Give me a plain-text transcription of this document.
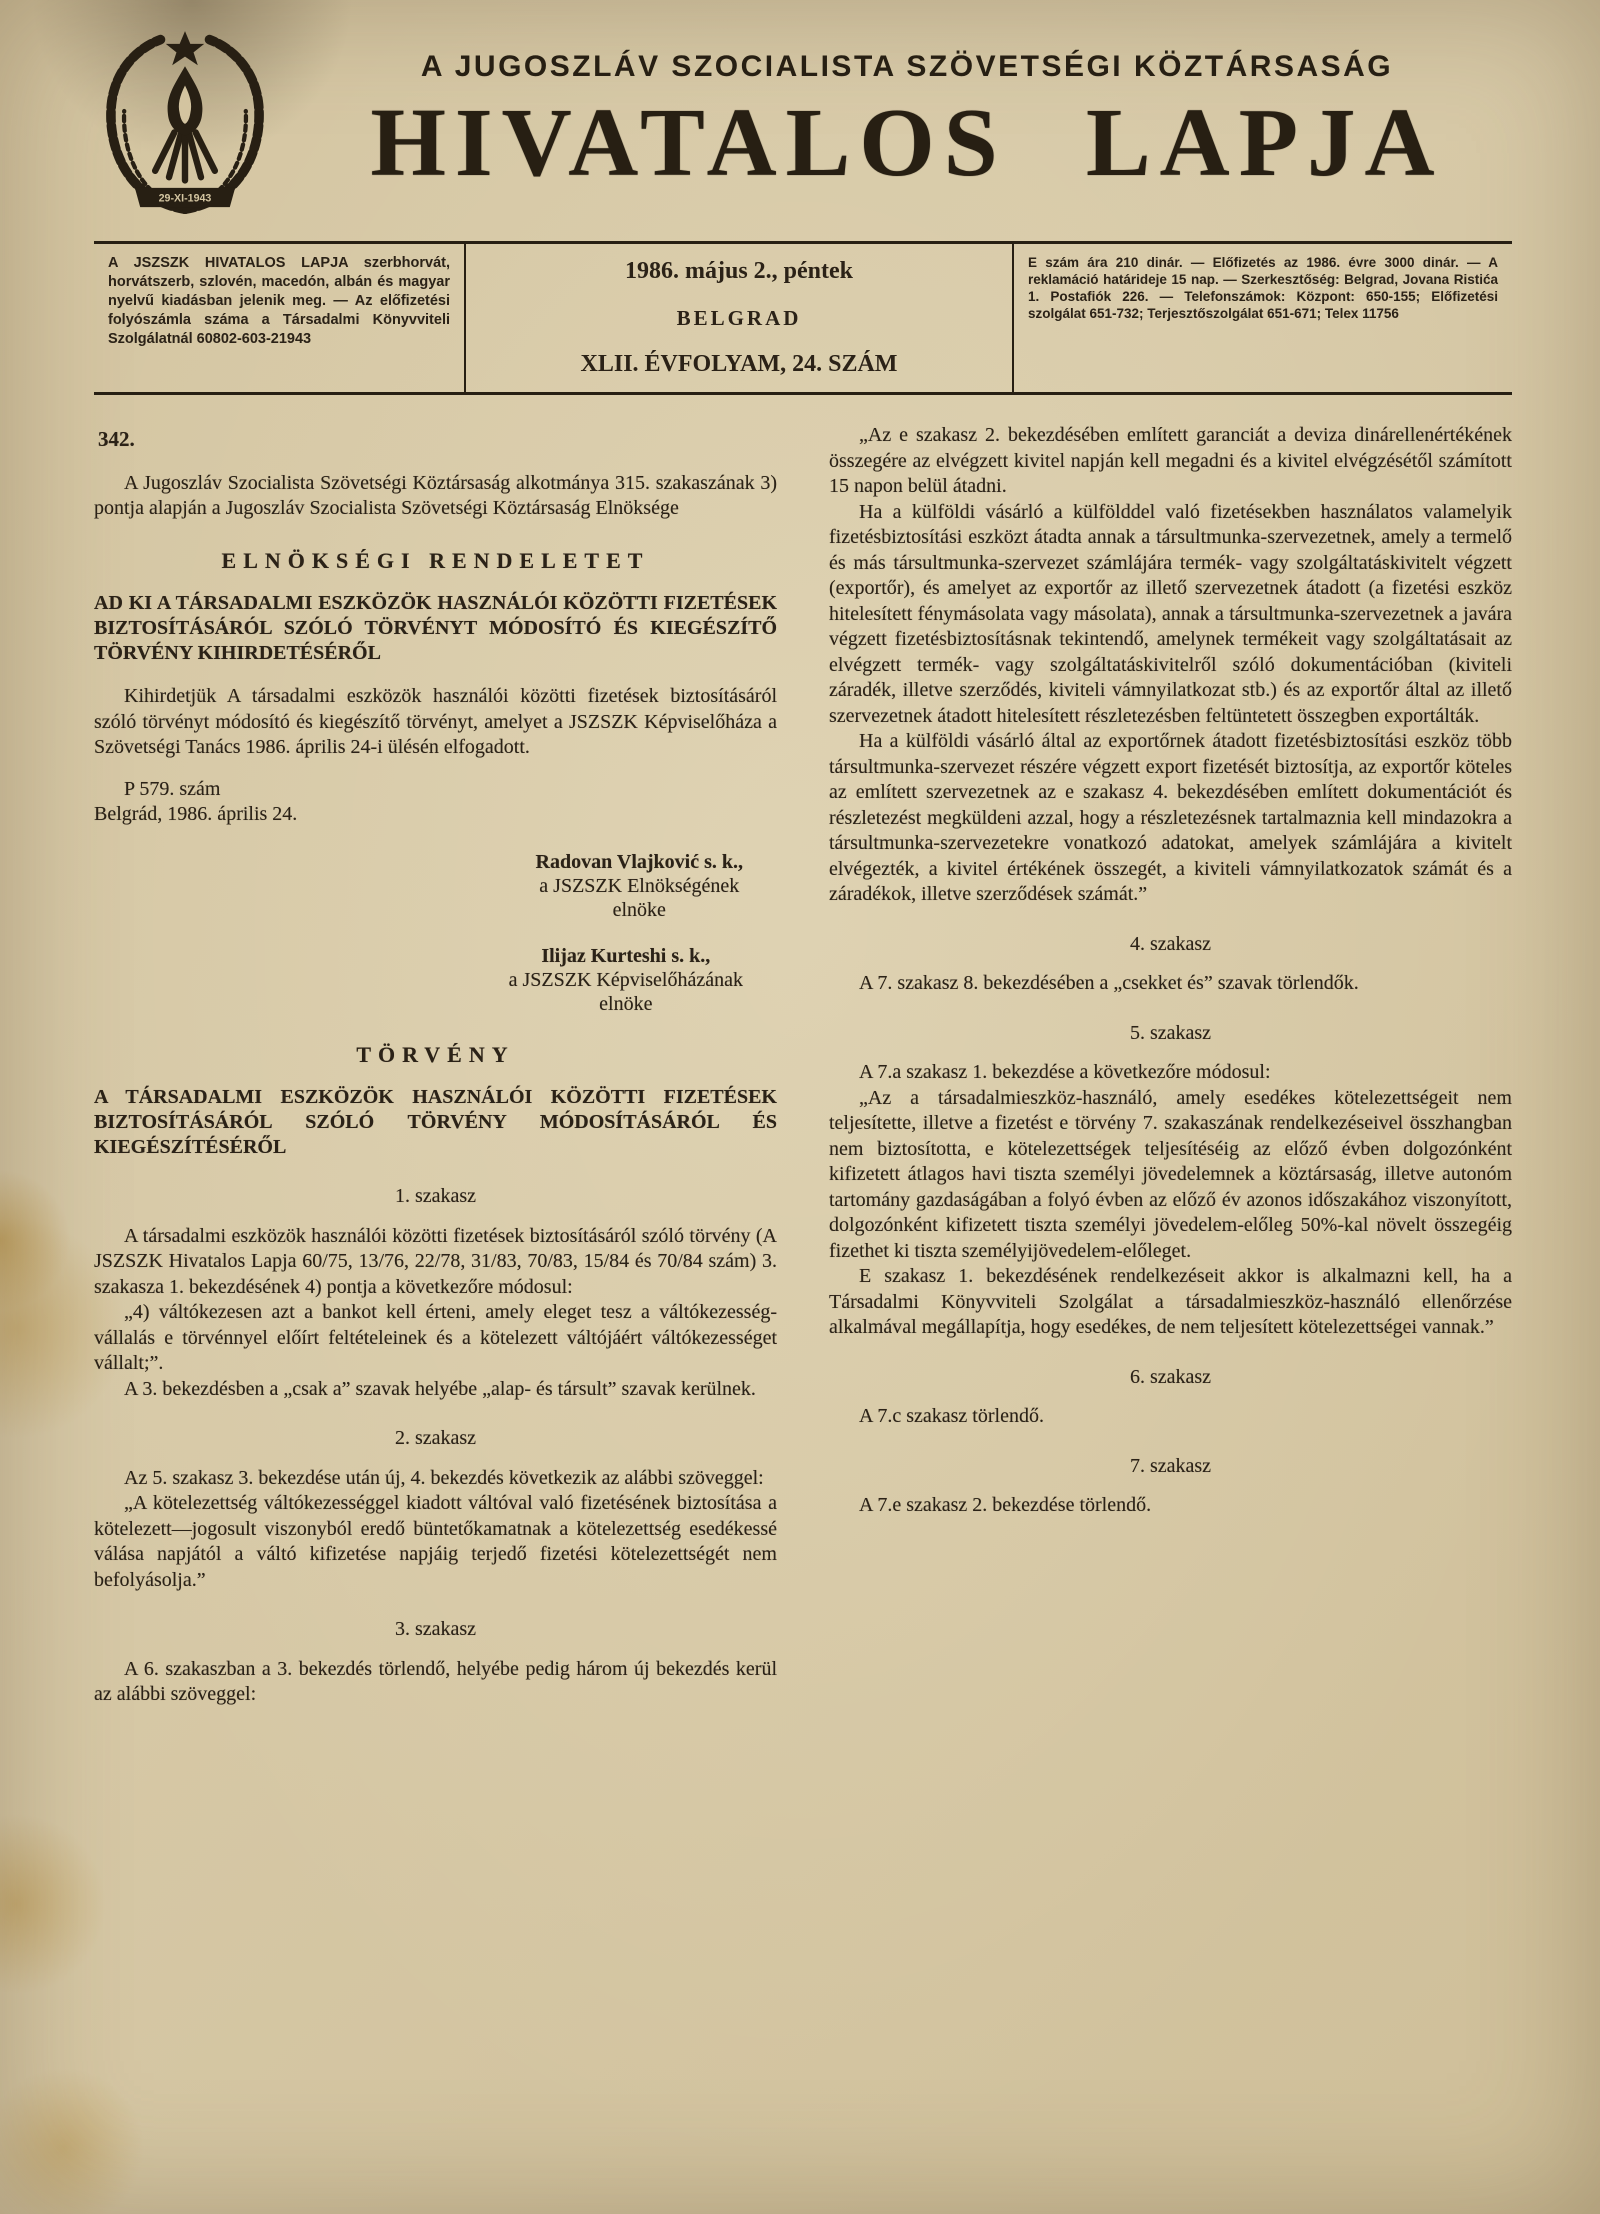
29-XI-1943
A JUGOSZLÁV SZOCIALISTA SZÖVETSÉGI KÖZTÁRSASÁG
HIVATALOS LAPJA
A JSZSZK HIVATALOS LAPJA szerbhorvát, horvátszerb, szlovén, macedón, albán és magyar nyelvű kiadásban jelenik meg. — Az előfizetési folyószámla száma a Társadalmi Könyvviteli Szolgálatnál 60802-603-21943
1986. május 2., péntek
BELGRAD
XLII. ÉVFOLYAM, 24. SZÁM
E szám ára 210 dinár. — Előfizetés az 1986. évre 3000 dinár. — A reklamáció határideje 15 nap. — Szerkesztőség: Belgrad, Jovana Ristića 1. Postafiók 226. — Telefonszámok: Központ: 650-155; Előfizetési szolgálat 651-732; Terjesztőszolgálat 651-671; Telex 11756
342.
A Jugoszláv Szocialista Szövetségi Köztársaság alkotmánya 315. szakaszának 3) pontja alapján a Jugoszláv Szocialista Szövetségi Köztársaság Elnöksége
ELNÖKSÉGI RENDELETET
AD KI A TÁRSADALMI ESZKÖZÖK HASZNÁLÓI KÖZÖTTI FIZETÉSEK BIZTOSÍTÁSÁRÓL SZÓLÓ TÖRVÉNYT MÓDOSÍTÓ ÉS KIEGÉSZÍTŐ TÖRVÉNY KIHIRDETÉSÉRŐL
Kihirdetjük A társadalmi eszközök használói közötti fizetések biztosításáról szóló törvényt módosító és kiegészítő törvényt, amelyet a JSZSZK Képviselőháza a Szövetségi Tanács 1986. április 24-i ülésén elfogadott.
P 579. szám
Belgrád, 1986. április 24.
Radovan Vlajković s. k.,
a JSZSZK Elnökségének
elnöke
Ilijaz Kurteshi s. k.,
a JSZSZK Képviselőházának
elnöke
TÖRVÉNY
A TÁRSADALMI ESZKÖZÖK HASZNÁLÓI KÖZÖTTI FIZETÉSEK BIZTOSÍTÁSÁRÓL SZÓLÓ TÖRVÉNY MÓDOSÍTÁSÁRÓL ÉS KIEGÉSZÍTÉSÉRŐL
1. szakasz
A társadalmi eszközök használói közötti fizetések biztosításáról szóló törvény (A JSZSZK Hivatalos Lapja 60/75, 13/76, 22/78, 31/83, 70/83, 15/84 és 70/84 szám) 3. szakasza 1. bekezdésének 4) pontja a következőre módosul:
„4) váltókezesen azt a bankot kell érteni, amely eleget tesz a váltókezesség-vállalás e törvénnyel előírt feltételeinek és a kötelezett váltójáért váltókezességet vállalt;”.
A 3. bekezdésben a „csak a” szavak helyébe „alap- és társult” szavak kerülnek.
2. szakasz
Az 5. szakasz 3. bekezdése után új, 4. bekezdés következik az alábbi szöveggel:
„A kötelezettség váltókezességgel kiadott váltóval való fizetésének biztosítása a kötelezett—jogosult viszonyból eredő büntetőkamatnak a kötelezettség esedékessé válása napjától a váltó kifizetése napjáig terjedő fizetési kötelezettségét nem befolyásolja.”
3. szakasz
A 6. szakaszban a 3. bekezdés törlendő, helyébe pedig három új bekezdés kerül az alábbi szöveggel:
„Az e szakasz 2. bekezdésében említett garanciát a deviza dinárellenértékének összegére az elvégzett kivitel napján kell megadni és a kivitel elvégzésétől számított 15 napon belül átadni.
Ha a külföldi vásárló a külfölddel való fizetésekben használatos valamelyik fizetésbiztosítási eszközt átadta annak a társultmunka-szervezetnek, amely a termelő és más társultmunka-szervezet számlájára termék- vagy szolgáltatáskivitelt végzett (exportőr), és amelyet az exportőr az illető szervezetnek átadott (a fizetési eszköz hitelesített fénymásolata vagy másolata), annak a társultmunka-szervezetnek a javára végzett fizetésbiztosításnak tekintendő, amelynek termékeit vagy szolgáltatásait az elvégzett termék- vagy szolgáltatáskivitelről szóló dokumentációban (kiviteli záradék, illetve szerződés, kiviteli vámnyilatkozat stb.) és az exportőr által az illető szervezetnek átadott hitelesített részletezésben feltüntetett összegben exportálták.
Ha a külföldi vásárló által az exportőrnek átadott fizetésbiztosítási eszköz több társultmunka-szervezet részére végzett export fizetését biztosítja, az exportőr köteles az említett szervezetnek az e szakasz 4. bekezdésében említett dokumentációt és részletezést megküldeni azzal, hogy a részletezésnek tartalmaznia kell mindazokra a társultmunka-szervezetekre vonatkozó adatokat, amelyek számlájára a kivitelt elvégezték, a kivitel értékének összegét, a kiviteli vámnyilatkozatok számát és a záradékok, illetve szerződések számát.”
4. szakasz
A 7. szakasz 8. bekezdésében a „csekket és” szavak törlendők.
5. szakasz
A 7.a szakasz 1. bekezdése a következőre módosul:
„Az a társadalmieszköz-használó, amely esedékes kötelezettségeit nem teljesítette, illetve a fizetést e törvény 7. szakaszának rendelkezéseivel összhangban nem biztosította, e kötelezettségek teljesítéséig az előző évben dolgozónként kifizetett átlagos havi tiszta személyi jövedelemnek a köztársaság, illetve autonóm tartomány gazdaságában a folyó évben az előző év azonos időszakához viszonyított, dolgozónként kifizetett tiszta személyi jövedelem-előleg 50%-kal növelt összegéig fizethet ki tiszta személyijövedelem-előleget.
E szakasz 1. bekezdésének rendelkezéseit akkor is alkalmazni kell, ha a Társadalmi Könyvviteli Szolgálat a társadalmieszköz-használó ellenőrzése alkalmával megállapítja, hogy esedékes, de nem teljesített kötelezettségei vannak.”
6. szakasz
A 7.c szakasz törlendő.
7. szakasz
A 7.e szakasz 2. bekezdése törlendő.
